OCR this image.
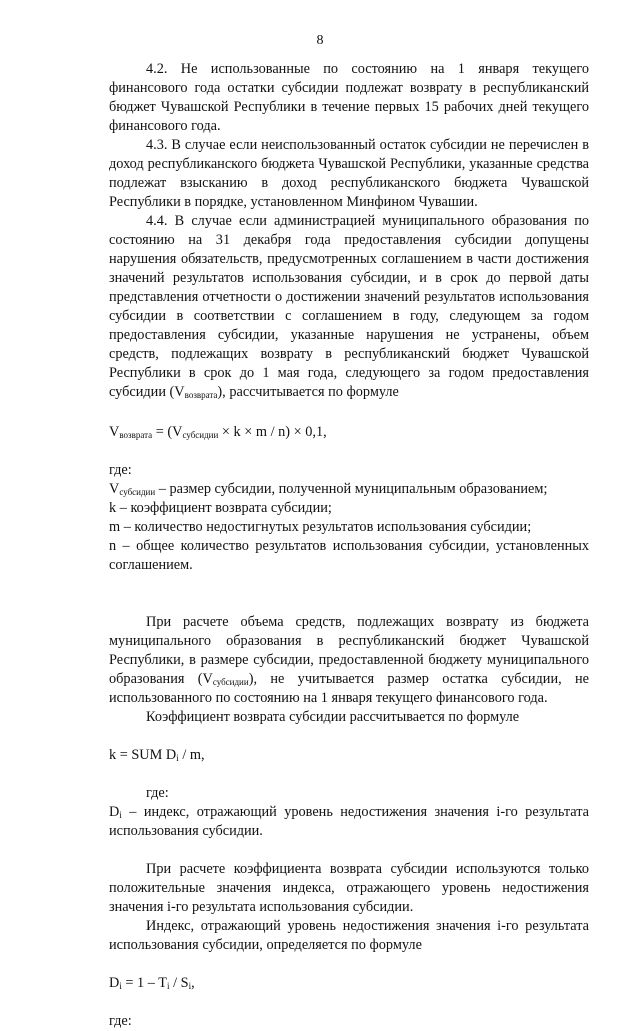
8

4.2. Не использованные по состоянию на 1 января текущего финансового года остатки субсидии подлежат возврату в республиканский бюджет Чувашской Республики в течение первых 15 рабочих дней текущего финансового года.

4.3. В случае если неиспользованный остаток субсидии не перечислен в доход республиканского бюджета Чувашской Республики, указанные средства подлежат взысканию в доход республиканского бюджета Чувашской Республики в порядке, установленном Минфином Чувашии.

4.4. В случае если администрацией муниципального образования по состоянию на 31 декабря года предоставления субсидии допущены нарушения обязательств, предусмотренных соглашением в части достижения значений результатов использования субсидии, и в срок до первой даты представления отчетности о достижении значений результатов использования субсидии в соответствии с соглашением в году, следующем за годом предоставления субсидии, указанные нарушения не устранены, объем средств, подлежащих возврату в республиканский бюджет Чувашской Республики в срок до 1 мая года, следующего за годом предоставления субсидии $(V_{возврата})$, рассчитывается по формуле

$V_{возврата} = (V_{субсидии} \times k \times m / n) \times 0,1$,

где:

$V_{субсидии}$ – размер субсидии, полученной муниципальным образованием;

k – коэффициент возврата субсидии;

m – количество недостигнутых результатов использования субсидии;

n – общее количество результатов использования субсидии, установленных соглашением.

При расчете объема средств, подлежащих возврату из бюджета муниципального образования в республиканский бюджет Чувашской Республики, в размере субсидии, предоставленной бюджету муниципального образования $(V_{субсидии})$, не учитывается размер остатка субсидии, не использованного по состоянию на 1 января текущего финансового года.

Коэффициент возврата субсидии рассчитывается по формуле

k = SUM $D_i$ / m,

где:

$D_i$ – индекс, отражающий уровень недостижения значения i-го результата использования субсидии.

При расчете коэффициента возврата субсидии используются только положительные значения индекса, отражающего уровень недостижения значения i-го результата использования субсидии.

Индекс, отражающий уровень недостижения значения i-го результата использования субсидии, определяется по формуле

$D_i = 1 - T_i / S_i$,

где:
